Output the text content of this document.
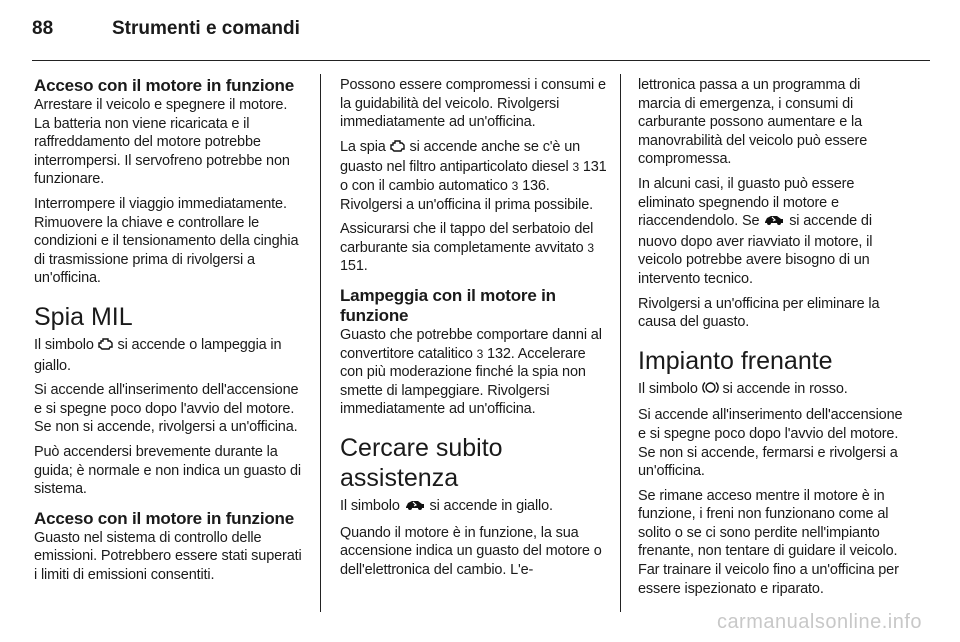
88	Strumenti e comandi
Acceso con il motore in funzione

Arrestare il veicolo e spegnere il motore. La batteria non viene ricaricata e il raffreddamento del motore potrebbe interrompersi. Il servofreno potrebbe non funzionare.

Interrompere il viaggio immediatamente. Rimuovere la chiave e controllare le condizioni e il tensionamento della cinghia di trasmissione prima di rivolgersi a un'officina.

Spia MIL

Il simbolo  si accende o lampeggia in giallo.

Si accende all'inserimento dell'accensione e si spegne poco dopo l'avvio del motore. Se non si accende, rivolgersi a un'officina.

Può accendersi brevemente durante la guida; è normale e non indica un guasto di sistema.

Acceso con il motore in funzione

Guasto nel sistema di controllo delle emissioni. Potrebbero essere stati superati i limiti di emissioni consentiti.

Possono essere compromessi i consumi e la guidabilità del veicolo. Rivolgersi immediatamente ad un'officina.

La spia  si accende anche se c'è un guasto nel filtro antiparticolato diesel 3 131 o con il cambio automatico 3 136. Rivolgersi a un'officina il prima possibile.

Assicurarsi che il tappo del serbatoio del carburante sia completamente avvitato 3 151.

Lampeggia con il motore in funzione

Guasto che potrebbe comportare danni al convertitore catalitico 3 132. Accelerare con più moderazione finché la spia non smette di lampeggiare. Rivolgersi immediatamente ad un'officina.

Cercare subito assistenza

Il simbolo  si accende in giallo.

Quando il motore è in funzione, la sua accensione indica un guasto del motore o dell'elettronica del cambio. L'e-

lettronica passa a un programma di marcia di emergenza, i consumi di carburante possono aumentare e la manovrabilità del veicolo può essere compromessa.

In alcuni casi, il guasto può essere eliminato spegnendo il motore e riaccendendolo. Se  si accende di nuovo dopo aver riavviato il motore, il veicolo potrebbe avere bisogno di un intervento tecnico.

Rivolgersi a un'officina per eliminare la causa del guasto.

Impianto frenante

Il simbolo  si accende in rosso.

Si accende all'inserimento dell'accensione e si spegne poco dopo l'avvio del motore. Se non si accende, fermarsi e rivolgersi a un'officina.

Se rimane acceso mentre il motore è in funzione, i freni non funzionano come al solito o se ci sono perdite nell'impianto frenante, non tentare di guidare il veicolo. Far trainare il veicolo fino a un'officina per essere ispezionato e riparato.

carmanualsonline.info
